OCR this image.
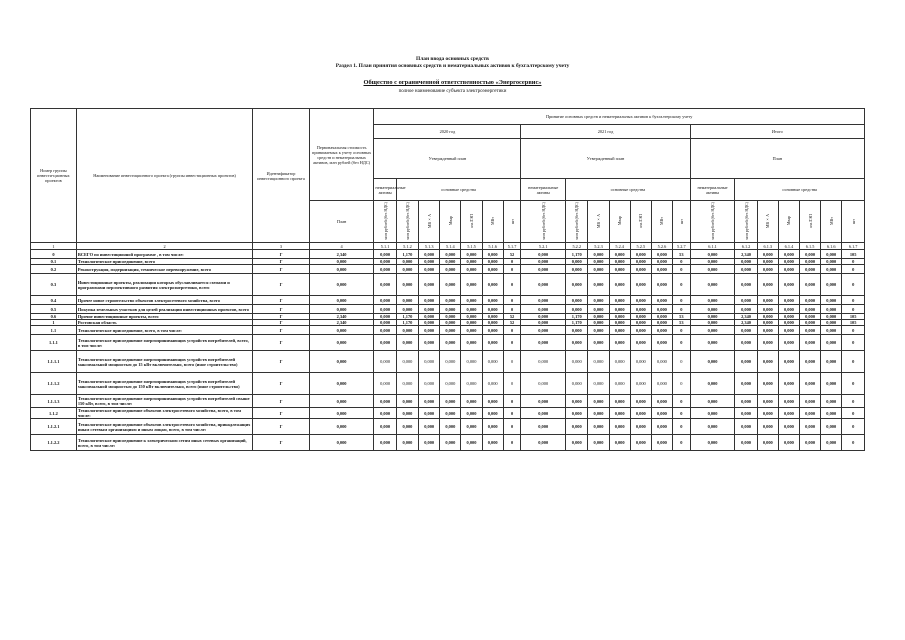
План ввода основных средств
Раздел 1. План принятия основных средств и нематериальных активов к бухгалтерскому учету
Общество с ограниченной ответственностью «Энергосервис»
полное наименование субъекта электроэнергетики
Номер группы инвести-ционных проектов	Наименование инвестиционного проекта (группы инвестиционных проектов)	Идентификатор инвестиционного проекта	Первоначальная стоимость принимаемых к учету основных средств и нематериальных активов, млн рублей (без НДС)	Принятие основных средств и нематериальных активов к бухгалтерскому учету																				
				2020 год							2021 год							Итого						
				Утвержденный план							Утвержденный план							План						
				нематериальные активы	основные средства						нематериальные активы	основные средства						нематериальные активы	основные средства					
			План	млн рублей (без НДС)	млн рублей (без НДС)	МВ×А	Мвар	км ЛЭП	МВт	шт	млн рублей (без НДС)	млн рублей (без НДС)	МВ×А	Мвар	км ЛЭП	МВт	шт	млн рублей (без НДС)	млн рублей (без НДС)	МВ×А	Мвар	км ЛЭП	МВт	шт
1	2	3	4	5.1.1	5.1.2	5.1.3	5.1.4	5.1.5	5.1.6	5.1.7	5.2.1	5.2.2	5.2.3	5.2.4	5.2.5	5.2.6	5.2.7	6.1.1	6.1.2	6.1.3	6.1.4	6.1.5	6.1.6	6.1.7
0	ВСЕГО по инвестиционной программе , в том числе:	Г	2,340	0,000	1,170	0,000	0,000	0,000	0,000	52	0,000	1,170	0,000	0,000	0,000	0,000	53	0,000	2,340	0,000	0,000	0,000	0,000	105
0.1	Технологическое присоединение, всего	Г	0,000	0,000	0,000	0,000	0,000	0,000	0,000	0	0,000	0,000	0,000	0,000	0,000	0,000	0	0,000	0,000	0,000	0,000	0,000	0,000	0
0.2	Реконструкция, модернизация, техническое перевооружение, всего	Г	0,000	0,000	0,000	0,000	0,000	0,000	0,000	0	0,000	0,000	0,000	0,000	0,000	0,000	0	0,000	0,000	0,000	0,000	0,000	0,000	0
0.3	Инвестиционные проекты, реализация которых обуславливается схемами и программами перспективного развития электроэнергетики, всего	Г	0,000	0,000	0,000	0,000	0,000	0,000	0,000	0	0,000	0,000	0,000	0,000	0,000	0,000	0	0,000	0,000	0,000	0,000	0,000	0,000	0
0.4	Прочее новое строительство объектов электросетевого хозяйства, всего	Г	0,000	0,000	0,000	0,000	0,000	0,000	0,000	0	0,000	0,000	0,000	0,000	0,000	0,000	0	0,000	0,000	0,000	0,000	0,000	0,000	0
0.5	Покупка земельных участков для целей реализации инвестиционных проектов, всего	Г	0,000	0,000	0,000	0,000	0,000	0,000	0,000	0	0,000	0,000	0,000	0,000	0,000	0,000	0	0,000	0,000	0,000	0,000	0,000	0,000	0
0.6	Прочие инвестиционные проекты, всего	Г	2,340	0,000	1,170	0,000	0,000	0,000	0,000	52	0,000	1,170	0,000	0,000	0,000	0,000	53	0,000	2,340	0,000	0,000	0,000	0,000	105
1	Ростовская область	Г	2,340	0,000	1,170	0,000	0,000	0,000	0,000	52	0,000	1,170	0,000	0,000	0,000	0,000	53	0,000	2,340	0,000	0,000	0,000	0,000	105
1.1	Технологическое присоединение, всего, в том числе:	Г	0,000	0,000	0,000	0,000	0,000	0,000	0,000	0	0,000	0,000	0,000	0,000	0,000	0,000	0	0,000	0,000	0,000	0,000	0,000	0,000	0
1.1.1	Технологическое присоединение энергопринимающих устройств потребителей, всего, в том числе:	Г	0,000	0,000	0,000	0,000	0,000	0,000	0,000	0	0,000	0,000	0,000	0,000	0,000	0,000	0	0,000	0,000	0,000	0,000	0,000	0,000	0
1.1.1.1	Технологическое присоединение энергопринимающих устройств потребителей максимальной мощностью до 15 кВт включительно, всего (иное строительство)	Г	0,000	0,000	0,000	0,000	0,000	0,000	0,000	0	0,000	0,000	0,000	0,000	0,000	0,000	0	0,000	0,000	0,000	0,000	0,000	0,000	0
1.1.1.2	Технологическое присоединение энергопринимающих устройств потребителей максимальной мощностью до 150 кВт включительно, всего (иное строительство)	Г	0,000	0,000	0,000	0,000	0,000	0,000	0,000	0	0,000	0,000	0,000	0,000	0,000	0,000	0	0,000	0,000	0,000	0,000	0,000	0,000	0
1.1.1.3	Технологическое присоединение энергопринимающих устройств потребителей свыше 150 кВт, всего, в том числе:	Г	0,000	0,000	0,000	0,000	0,000	0,000	0,000	0	0,000	0,000	0,000	0,000	0,000	0,000	0	0,000	0,000	0,000	0,000	0,000	0,000	0
1.1.2	Технологическое присоединение объектов электросетевого хозяйства, всего, в том числе:	Г	0,000	0,000	0,000	0,000	0,000	0,000	0,000	0	0,000	0,000	0,000	0,000	0,000	0,000	0	0,000	0,000	0,000	0,000	0,000	0,000	0
1.1.2.1	Технологическое присоединение объектов электросетевого хозяйства, принадлежащих иным сетевым организациям и иным лицам, всего, в том числе:	Г	0,000	0,000	0,000	0,000	0,000	0,000	0,000	0	0,000	0,000	0,000	0,000	0,000	0,000	0	0,000	0,000	0,000	0,000	0,000	0,000	0
1.1.2.2	Технологическое присоединение к электрическим сетям иных сетевых организаций, всего, в том числе:	Г	0,000	0,000	0,000	0,000	0,000	0,000	0,000	0	0,000	0,000	0,000	0,000	0,000	0,000	0	0,000	0,000	0,000	0,000	0,000	0,000	0
